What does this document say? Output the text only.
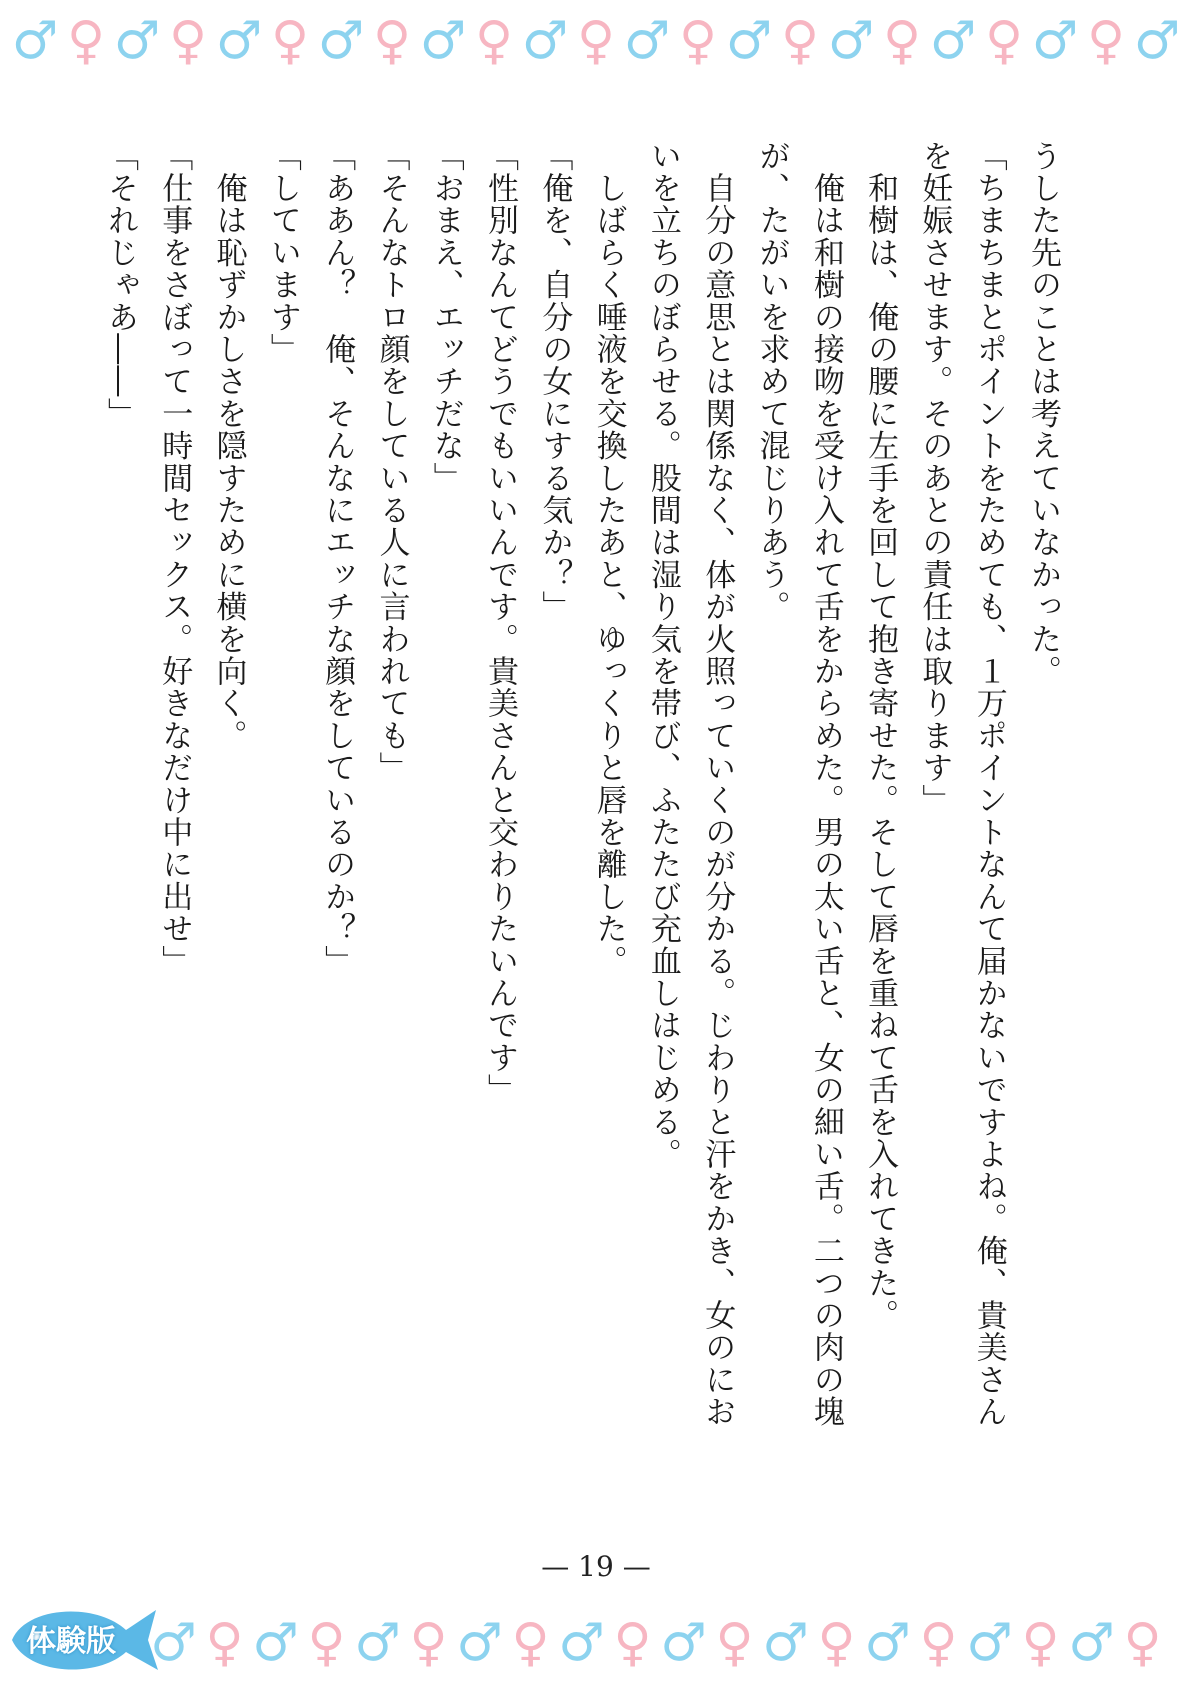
♂ ♀ ♂ ♀ ♂ ♀ ♂ ♀ ♂ ♀ ♂ ♀ ♂ ♀ ♂ ♀ ♂ ♀ ♂ ♀ ♂ ♀ ♂
うした先のことは考えていなかった。
「ちまちまとポイントをためても、１万ポイントなんて届かないですよね。俺、貴美さん
を妊娠させます。そのあとの責任は取ります」
　和樹は、俺の腰に左手を回して抱き寄せた。そして唇を重ねて舌を入れてきた。
　俺は和樹の接吻を受け入れて舌をからめた。男の太い舌と、女の細い舌。二つの肉の塊
が、たがいを求めて混じりあう。
　自分の意思とは関係なく、体が火照っていくのが分かる。じわりと汗をかき、女のにお
いを立ちのぼらせる。股間は湿り気を帯び、ふたたび充血しはじめる。
　しばらく唾液を交換したあと、ゆっくりと唇を離した。
「俺を、自分の女にする気か？」
「性別なんてどうでもいいんです。貴美さんと交わりたいんです」
「おまえ、エッチだな」
「そんなトロ顔をしている人に言われても」
「ああん？　俺、そんなにエッチな顔をしているのか？」
「しています」
　俺は恥ずかしさを隠すために横を向く。
「仕事をさぼって一時間セックス。好きなだけ中に出せ」
「それじゃあ――」
— 19 —
体験版 ♂ ♀ ♂ ♀ ♂ ♀ ♂ ♀ ♂ ♀ ♂ ♀ ♂ ♀ ♂ ♀ ♂ ♀ ♂ ♀
